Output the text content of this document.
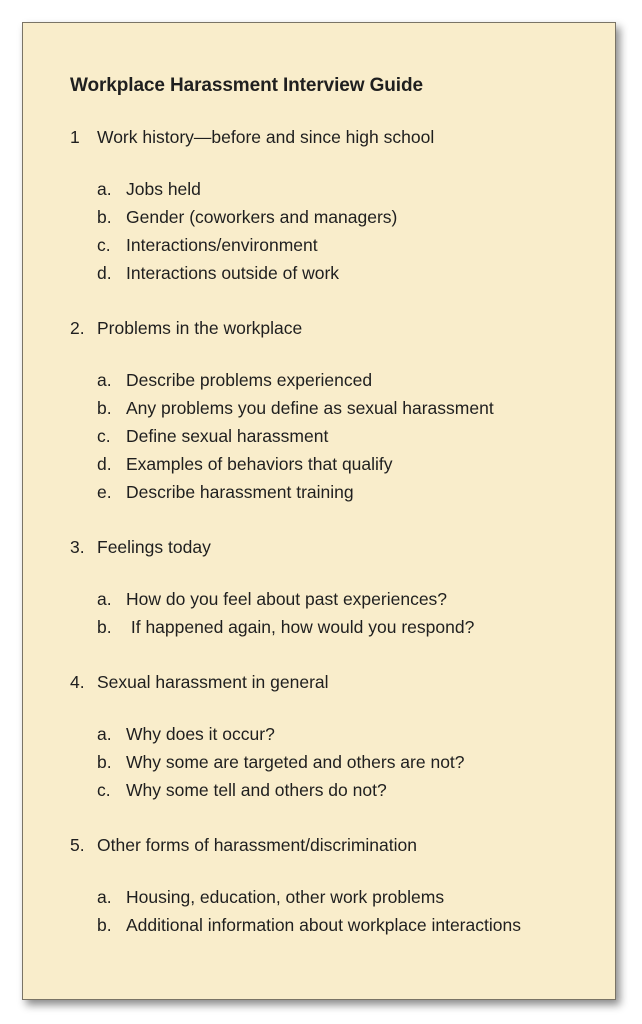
Workplace Harassment Interview Guide
1 Work history—before and since high school
a. Jobs held
b. Gender (coworkers and managers)
c. Interactions/environment
d. Interactions outside of work
2. Problems in the workplace
a. Describe problems experienced
b. Any problems you define as sexual harassment
c. Define sexual harassment
d. Examples of behaviors that qualify
e. Describe harassment training
3. Feelings today
a. How do you feel about past experiences?
b. If happened again, how would you respond?
4. Sexual harassment in general
a. Why does it occur?
b. Why some are targeted and others are not?
c. Why some tell and others do not?
5. Other forms of harassment/discrimination
a. Housing, education, other work problems
b. Additional information about workplace interactions
